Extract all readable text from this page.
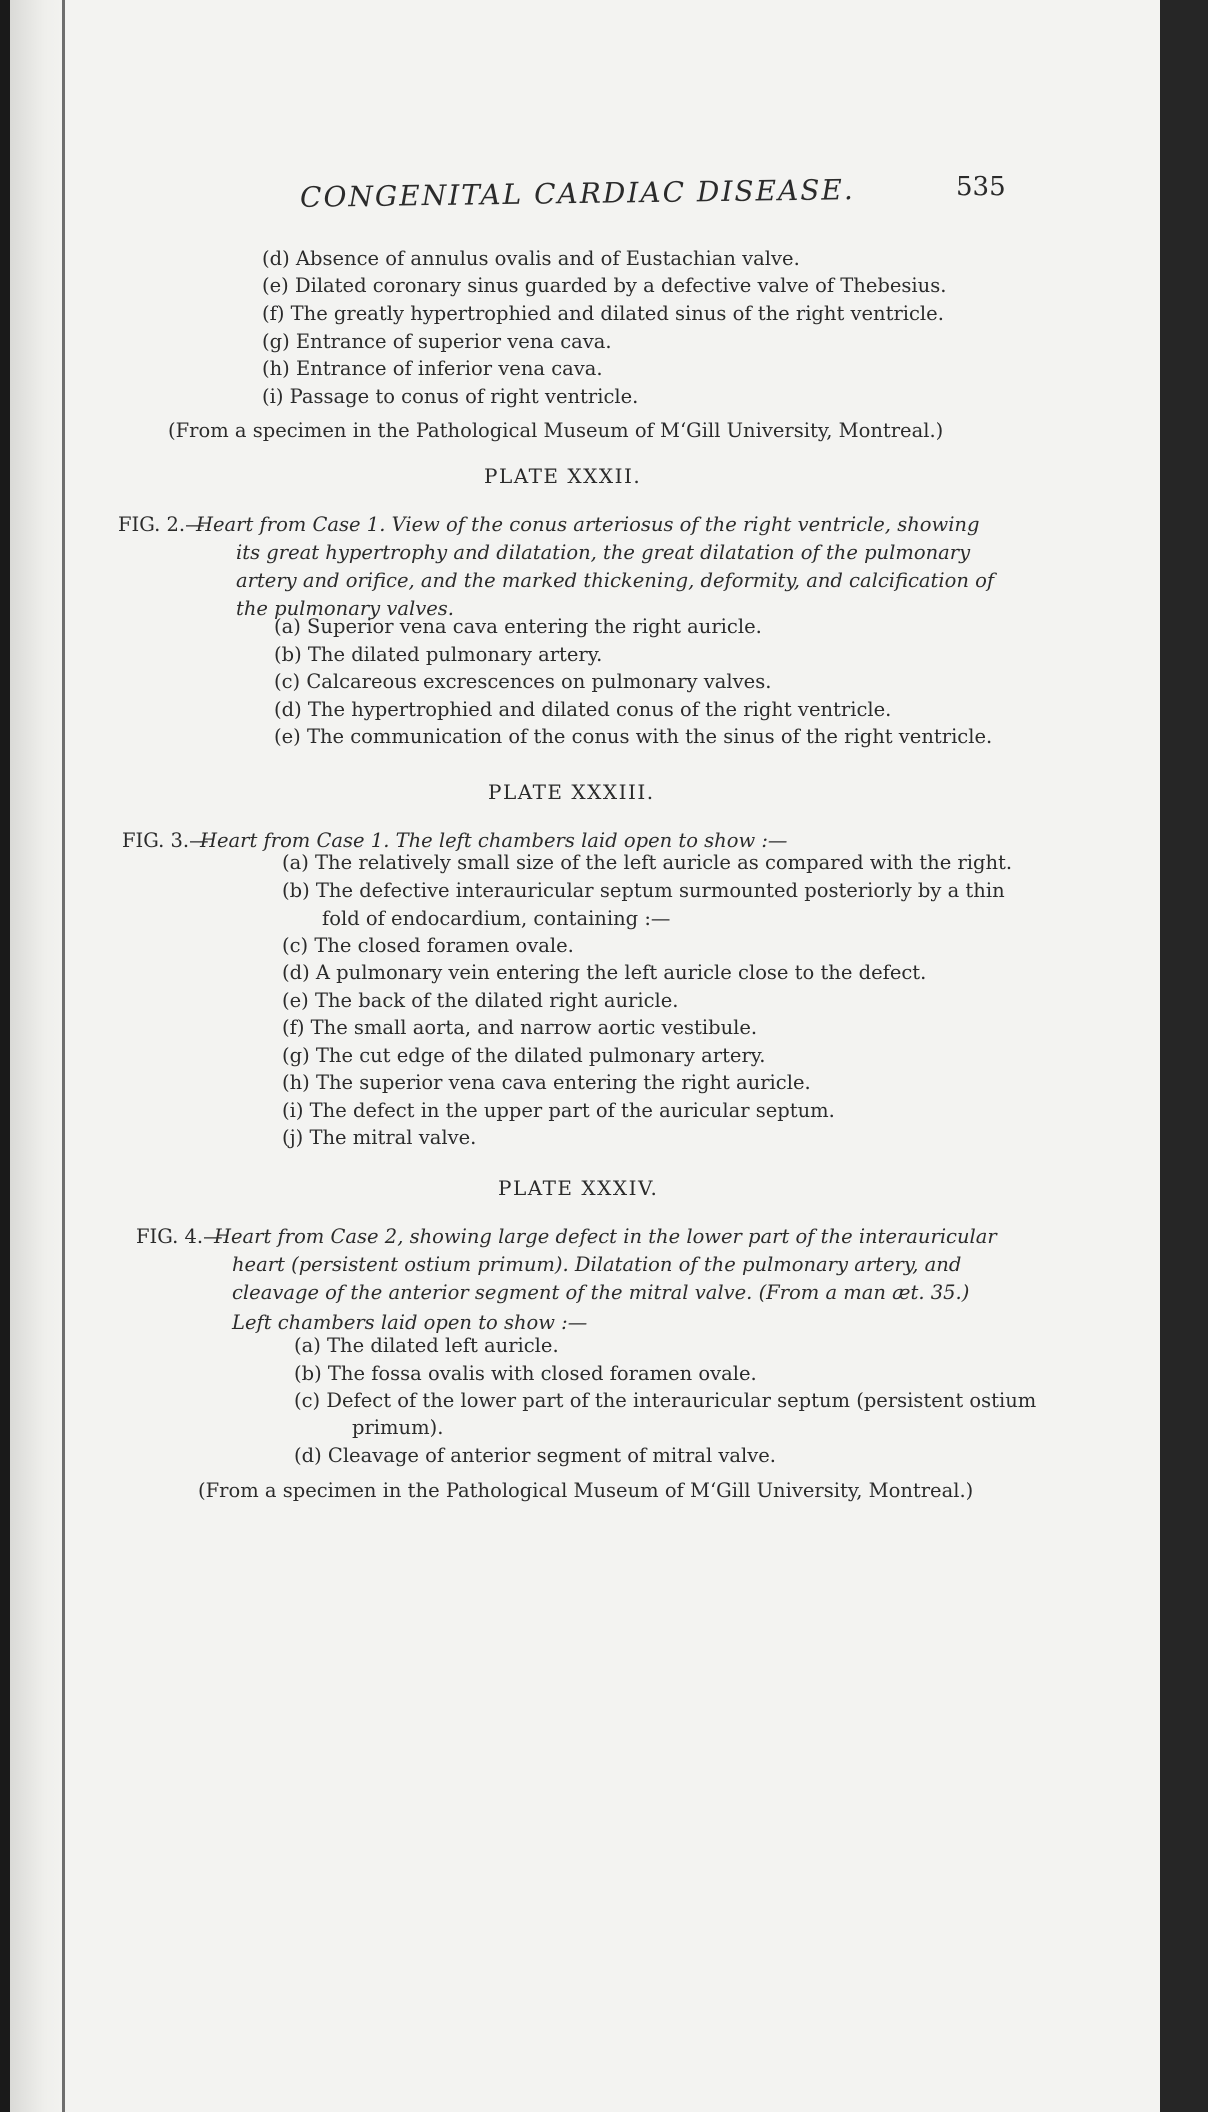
CONGENITAL CARDIAC DISEASE.	535
(d) Absence of annulus ovalis and of Eustachian valve.
(e) Dilated coronary sinus guarded by a defective valve of Thebesius.
(f) The greatly hypertrophied and dilated sinus of the right ventricle.
(g) Entrance of superior vena cava.
(h) Entrance of inferior vena cava.
(i) Passage to conus of right ventricle.
(From a specimen in the Pathological Museum of M‘Gill University, Montreal.)
PLATE XXXII.
FIG. 2.—
Heart from Case 1. View of the conus arteriosus of the right ventricle, showing
its great hypertrophy and dilatation, the great dilatation of the pulmonary
artery and orifice, and the marked thickening, deformity, and calcification of
the pulmonary valves.
(a) Superior vena cava entering the right auricle.
(b) The dilated pulmonary artery.
(c) Calcareous excrescences on pulmonary valves.
(d) The hypertrophied and dilated conus of the right ventricle.
(e) The communication of the conus with the sinus of the right ventricle.
PLATE XXXIII.
FIG. 3.—
Heart from Case 1. The left chambers laid open to show :—
(a) The relatively small size of the left auricle as compared with the right.
(b) The defective interauricular septum surmounted posteriorly by a thin
fold of endocardium, containing :—
(c) The closed foramen ovale.
(d) A pulmonary vein entering the left auricle close to the defect.
(e) The back of the dilated right auricle.
(f) The small aorta, and narrow aortic vestibule.
(g) The cut edge of the dilated pulmonary artery.
(h) The superior vena cava entering the right auricle.
(i) The defect in the upper part of the auricular septum.
(j) The mitral valve.
PLATE XXXIV.
FIG. 4.—
Heart from Case 2, showing large defect in the lower part of the interauricular
heart (persistent ostium primum). Dilatation of the pulmonary artery, and
cleavage of the anterior segment of the mitral valve. (From a man æt. 35.)
Left chambers laid open to show :—
(a) The dilated left auricle.
(b) The fossa ovalis with closed foramen ovale.
(c) Defect of the lower part of the interauricular septum (persistent ostium
primum).
(d) Cleavage of anterior segment of mitral valve.
(From a specimen in the Pathological Museum of M‘Gill University, Montreal.)
